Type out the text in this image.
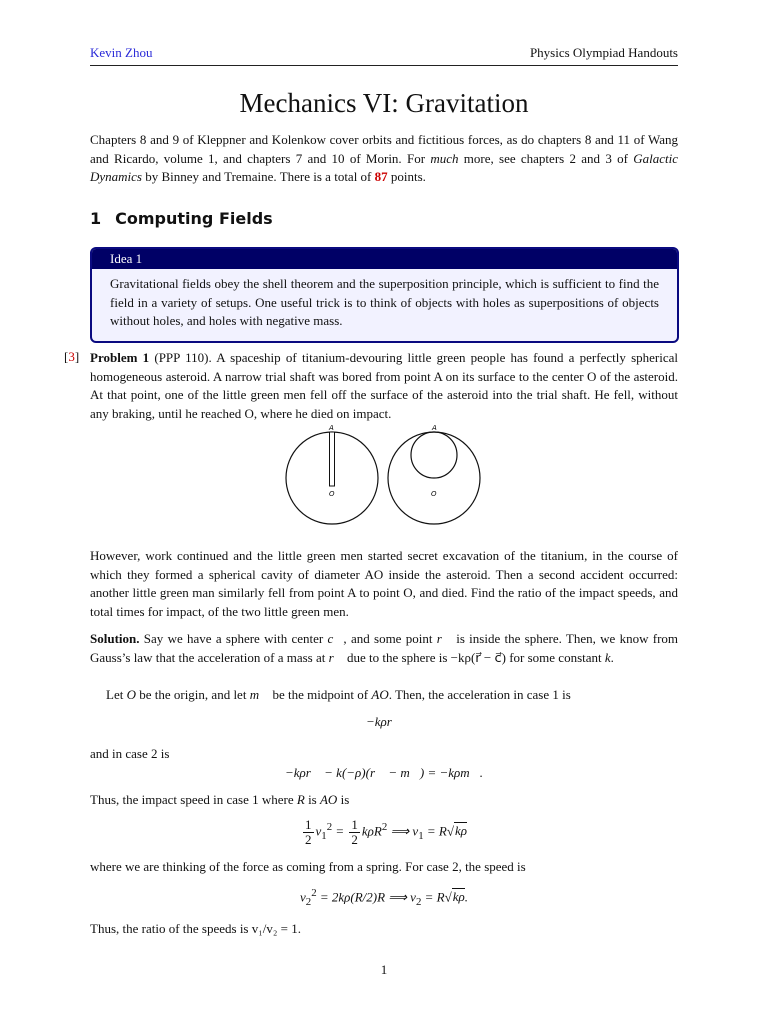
Kevin Zhou	Physics Olympiad Handouts
Mechanics VI: Gravitation
Chapters 8 and 9 of Kleppner and Kolenkow cover orbits and fictitious forces, as do chapters 8 and 11 of Wang and Ricardo, volume 1, and chapters 7 and 10 of Morin. For much more, see chapters 2 and 3 of Galactic Dynamics by Binney and Tremaine. There is a total of 87 points.
1 Computing Fields
Idea 1
Gravitational fields obey the shell theorem and the superposition principle, which is sufficient to find the field in a variety of setups. One useful trick is to think of objects with holes as superpositions of objects without holes, and holes with negative mass.
[3] Problem 1 (PPP 110). A spaceship of titanium-devouring little green people has found a perfectly spherical homogeneous asteroid. A narrow trial shaft was bored from point A on its surface to the center O of the asteroid. At that point, one of the little green men fell off the surface of the asteroid into the trial shaft. He fell, without any braking, until he reached O, where he died on impact.
A
O
A
O
However, work continued and the little green men started secret excavation of the titanium, in the course of which they formed a spherical cavity of diameter AO inside the asteroid. Then a second accident occurred: another little green man similarly fell from point A to point O, and died. Find the ratio of the impact speeds, and total times for impact, of the two little green men.
Solution. Say we have a sphere with center c⃗, and some point r⃗ is inside the sphere. Then, we know from Gauss’s law that the acceleration of a mass at r⃗ due to the sphere is −kρ(r⃗ − c⃗) for some constant k.
Let O be the origin, and let m⃗ be the midpoint of AO. Then, the acceleration in case 1 is
−kρr⃗
and in case 2 is
−kρr⃗ − k(−ρ)(r⃗ − m⃗) = −kρm⃗.
Thus, the impact speed in case 1 where R is AO is
$\frac{1}{2} v_1^2 = \frac{1}{2} k\rho R^2$ ⟹ $v_1 = R√k\rho$
where we are thinking of the force as coming from a spring. For case 2, the speed is
$v_2^2 = 2k\rho(R/2)R$ ⟹ $v_2 = R√k\rho$.
Thus, the ratio of the speeds is v₁/v₂ = 1.
1
